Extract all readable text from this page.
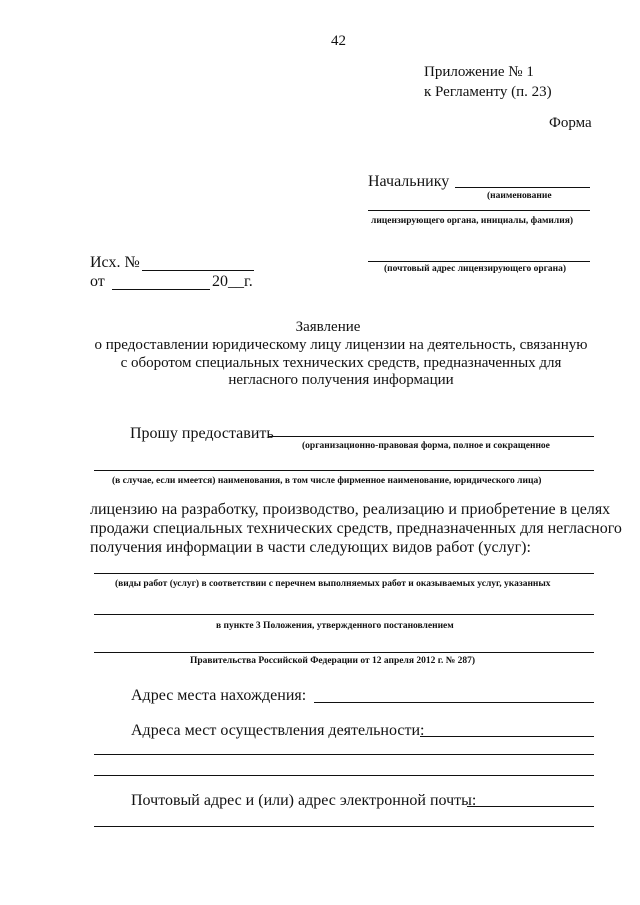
42
Приложение № 1
к Регламенту (п. 23)
Форма
Начальнику
(наименование
лицензирующего органа, инициалы, фамилия)
(почтовый адрес лицензирующего органа)
Исх. №
от	20__г.
Заявление
о предоставлении юридическому лицу лицензии на деятельность, связанную
с оборотом специальных технических средств, предназначенных для
негласного получения информации
Прошу предоставить
(организационно-правовая форма, полное и сокращенное
(в случае, если имеется) наименования, в том числе фирменное наименование, юридического лица)
лицензию на разработку, производство, реализацию и приобретение в целях
продажи специальных технических средств, предназначенных для негласного
получения информации в части следующих видов работ (услуг):
(виды работ (услуг) в соответствии с перечнем выполняемых работ и оказываемых услуг, указанных
в пункте 3 Положения, утвержденного постановлением
Правительства Российской Федерации от 12 апреля 2012 г. № 287)
Адрес места нахождения:
Адреса мест осуществления деятельности:
Почтовый адрес и (или) адрес электронной почты:
